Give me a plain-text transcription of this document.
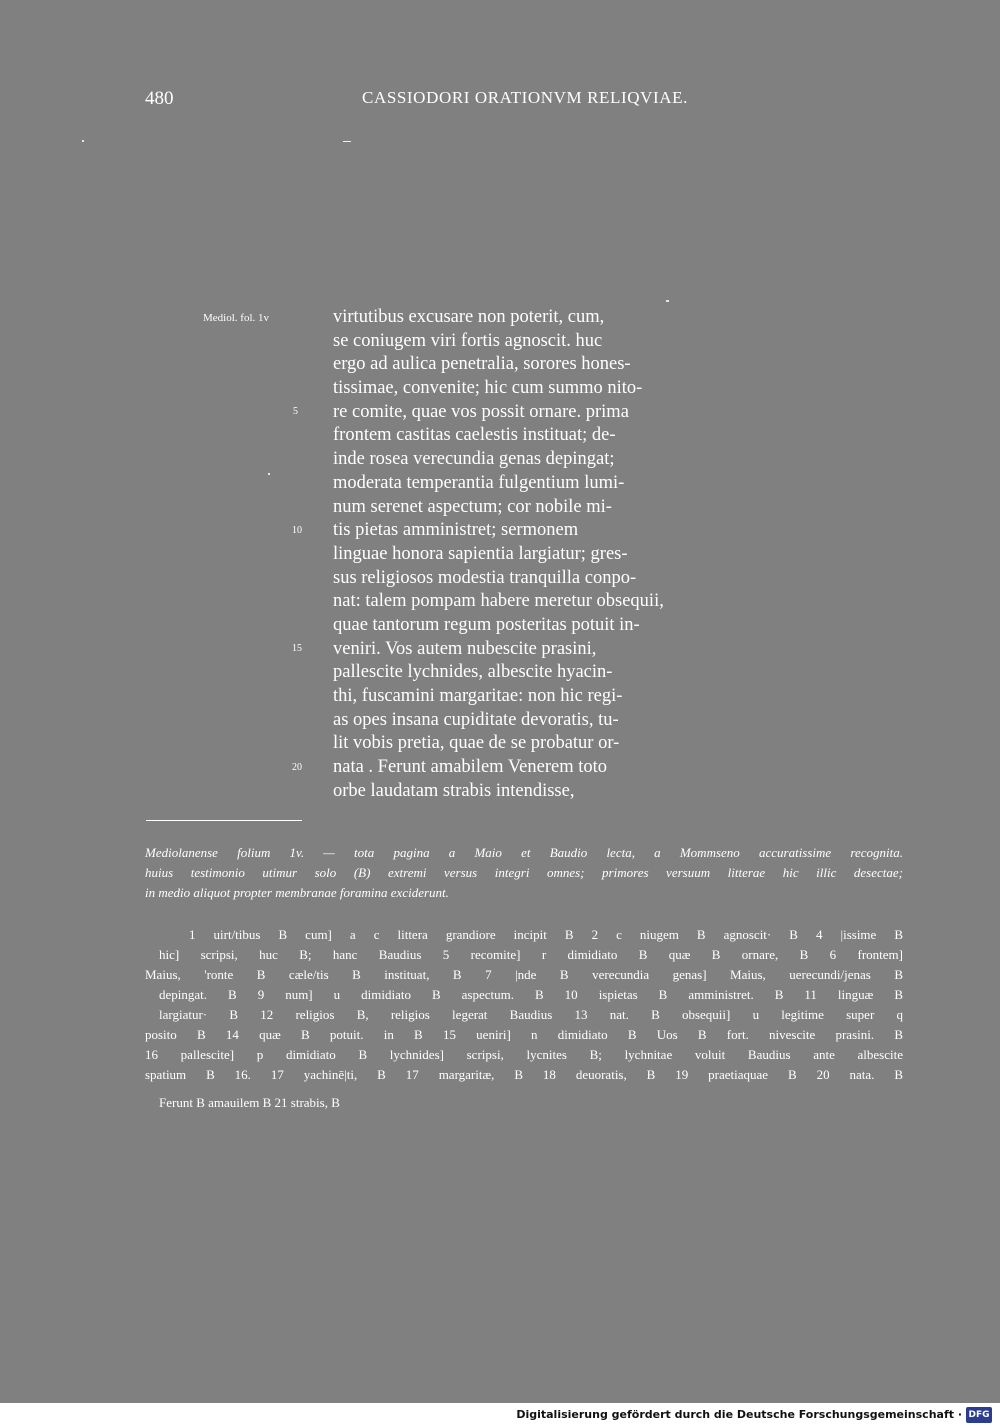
480	CASSIODORI ORATIONVM RELIQVIAE.
Mediol. fol. 1v
5
10
15
20
virtutibus excusare non poterit, cum,
se coniugem viri fortis agnoscit. huc
ergo ad aulica penetralia, sorores hones-
tissimae, convenite; hic cum summo nito-
re comite, quae vos possit ornare. prima
frontem castitas caelestis instituat; de-
inde rosea verecundia genas depingat;
moderata temperantia fulgentium lumi-
num serenet aspectum; cor nobile mi-
tis pietas amministret; sermonem
linguae honora sapientia largiatur; gres-
sus religiosos modestia tranquilla conpo-
nat: talem pompam habere meretur obsequii,
quae tantorum regum posteritas potuit in-
veniri. Vos autem nubescite prasini,
pallescite lychnides, albescite hyacin-
thi, fuscamini margaritae: non hic regi-
as opes insana cupiditate devoratis, tu-
lit vobis pretia, quae de se probatur or-
nata . Ferunt amabilem Venerem toto
orbe laudatam strabis intendisse,
Mediolanense folium 1v. — tota pagina a Maio et Baudio lecta, a Mommseno accuratissime recognita.
huius testimonio utimur solo (B) extremi versus integri omnes; primores versuum litterae hic illic desectae;
in medio aliquot propter membranae foramina exciderunt.
1 uirt/tibus B cum] a c littera grandiore incipit B 2 c niugem B agnoscit· B 4 |issime B
hic] scripsi, huc B; hanc Baudius 5 recomite] r dimidiato B quæ B ornare, B 6 frontem]
Maius, 'ronte B cæle/tis B instituat, B 7 |nde B verecundia genas] Maius, uerecundi/jenas B
depingat. B 9 num] u dimidiato B aspectum. B 10 ispietas B amministret. B 11 linguæ B
largiatur· B 12 religios B, religios legerat Baudius 13 nat. B obsequii] u legitime super q
posito B 14 quæ B potuit. in B 15 ueniri] n dimidiato B Uos B fort. nivescite prasini. B
16 pallescite] p dimidiato B lychnides] scripsi, lycnites B; lychnitae voluit Baudius ante albescite
spatium B 16. 17 yachinē|ti, B 17 margaritæ, B 18 deuoratis, B 19 praetiaquae B 20 nata. B
Ferunt B amauilem B 21 strabis, B
Digitalisierung gefördert durch die Deutsche Forschungsgemeinschaft · DFG
